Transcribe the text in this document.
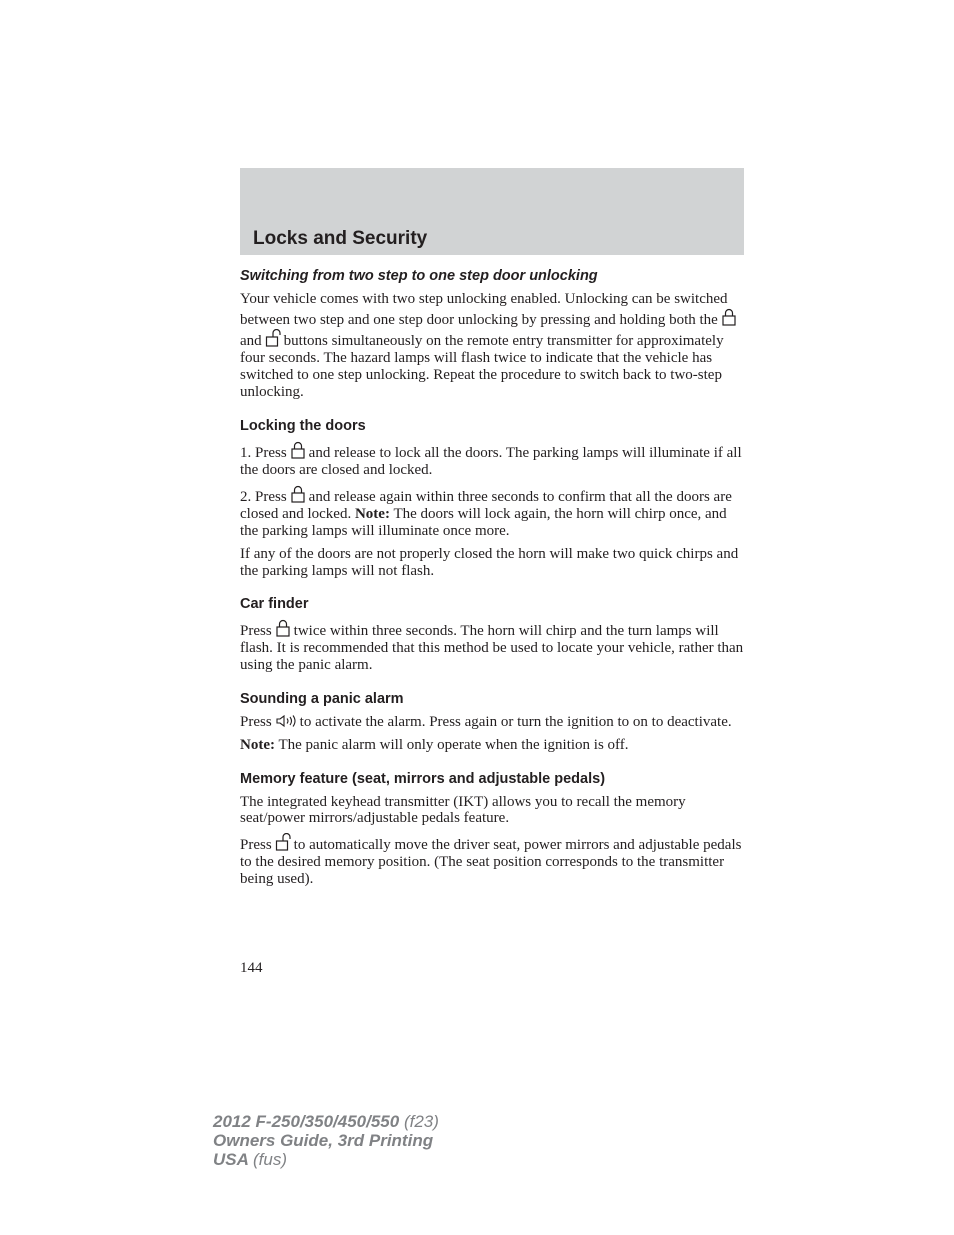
Locks and Security
Switching from two step to one step door unlocking

Your vehicle comes with two step unlocking enabled. Unlocking can be switched between two step and one step door unlocking by pressing and holding both the
and buttons simultaneously on the remote entry transmitter for approximately four seconds. The hazard lamps will flash twice to indicate that the vehicle has switched to one step unlocking. Repeat the procedure to switch back to two-step unlocking.

Locking the doors

1. Press and release to lock all the doors. The parking lamps will illuminate if all the doors are closed and locked.

2. Press and release again within three seconds to confirm that all the doors are closed and locked. Note: The doors will lock again, the horn will chirp once, and the parking lamps will illuminate once more.

If any of the doors are not properly closed the horn will make two quick chirps and the parking lamps will not flash.

Car finder

Press twice within three seconds. The horn will chirp and the turn lamps will flash. It is recommended that this method be used to locate your vehicle, rather than using the panic alarm.

Sounding a panic alarm

Press to activate the alarm. Press again or turn the ignition to on to deactivate.

Note: The panic alarm will only operate when the ignition is off.

Memory feature (seat, mirrors and adjustable pedals)

The integrated keyhead transmitter (IKT) allows you to recall the memory seat/power mirrors/adjustable pedals feature.

Press to automatically move the driver seat, power mirrors and adjustable pedals to the desired memory position. (The seat position corresponds to the transmitter being used).

144
2012 F-250/350/450/550 (f23)
Owners Guide, 3rd Printing
USA (fus)
